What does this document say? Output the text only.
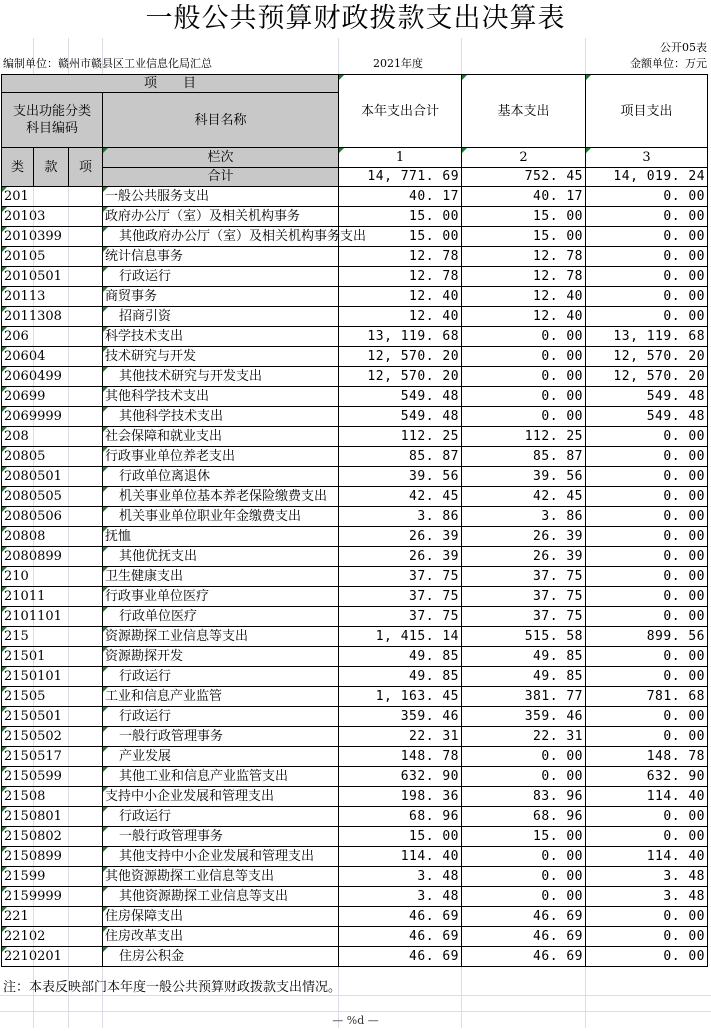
一般公共预算财政拨款支出决算表
公开05表
编制单位：赣州市赣县区工业信息化局汇总	2021年度	金额单位：万元
项　　目				本年支出合计	基本支出	项目支出
支出功能分类
科目编码			科目名称			

类	款	项	栏次	1	2	3
			合计	14, 771. 69	752. 45	14, 019. 24
201			一般公共服务支出	40. 17	40. 17	0. 00
20103			政府办公厅（室）及相关机构事务	15. 00	15. 00	0. 00
2010399			其他政府办公厅（室）及相关机构事务支出	15. 00	15. 00	0. 00
20105			统计信息事务	12. 78	12. 78	0. 00
2010501			行政运行	12. 78	12. 78	0. 00
20113			商贸事务	12. 40	12. 40	0. 00
2011308			招商引资	12. 40	12. 40	0. 00
206			科学技术支出	13, 119. 68	0. 00	13, 119. 68
20604			技术研究与开发	12, 570. 20	0. 00	12, 570. 20
2060499			其他技术研究与开发支出	12, 570. 20	0. 00	12, 570. 20
20699			其他科学技术支出	549. 48	0. 00	549. 48
2069999			其他科学技术支出	549. 48	0. 00	549. 48
208			社会保障和就业支出	112. 25	112. 25	0. 00
20805			行政事业单位养老支出	85. 87	85. 87	0. 00
2080501			行政单位离退休	39. 56	39. 56	0. 00
2080505			机关事业单位基本养老保险缴费支出	42. 45	42. 45	0. 00
2080506			机关事业单位职业年金缴费支出	3. 86	3. 86	0. 00
20808			抚恤	26. 39	26. 39	0. 00
2080899			其他优抚支出	26. 39	26. 39	0. 00
210			卫生健康支出	37. 75	37. 75	0. 00
21011			行政事业单位医疗	37. 75	37. 75	0. 00
2101101			行政单位医疗	37. 75	37. 75	0. 00
215			资源勘探工业信息等支出	1, 415. 14	515. 58	899. 56
21501			资源勘探开发	49. 85	49. 85	0. 00
2150101			行政运行	49. 85	49. 85	0. 00
21505			工业和信息产业监管	1, 163. 45	381. 77	781. 68
2150501			行政运行	359. 46	359. 46	0. 00
2150502			一般行政管理事务	22. 31	22. 31	0. 00
2150517			产业发展	148. 78	0. 00	148. 78
2150599			其他工业和信息产业监管支出	632. 90	0. 00	632. 90
21508			支持中小企业发展和管理支出	198. 36	83. 96	114. 40
2150801			行政运行	68. 96	68. 96	0. 00
2150802			一般行政管理事务	15. 00	15. 00	0. 00
2150899			其他支持中小企业发展和管理支出	114. 40	0. 00	114. 40
21599			其他资源勘探工业信息等支出	3. 48	0. 00	3. 48
2159999			其他资源勘探工业信息等支出	3. 48	0. 00	3. 48
221			住房保障支出	46. 69	46. 69	0. 00
22102			住房改革支出	46. 69	46. 69	0. 00
2210201			住房公积金	46. 69	46. 69	0. 00
注：本表反映部门本年度一般公共预算财政拨款支出情况。
— %d —
